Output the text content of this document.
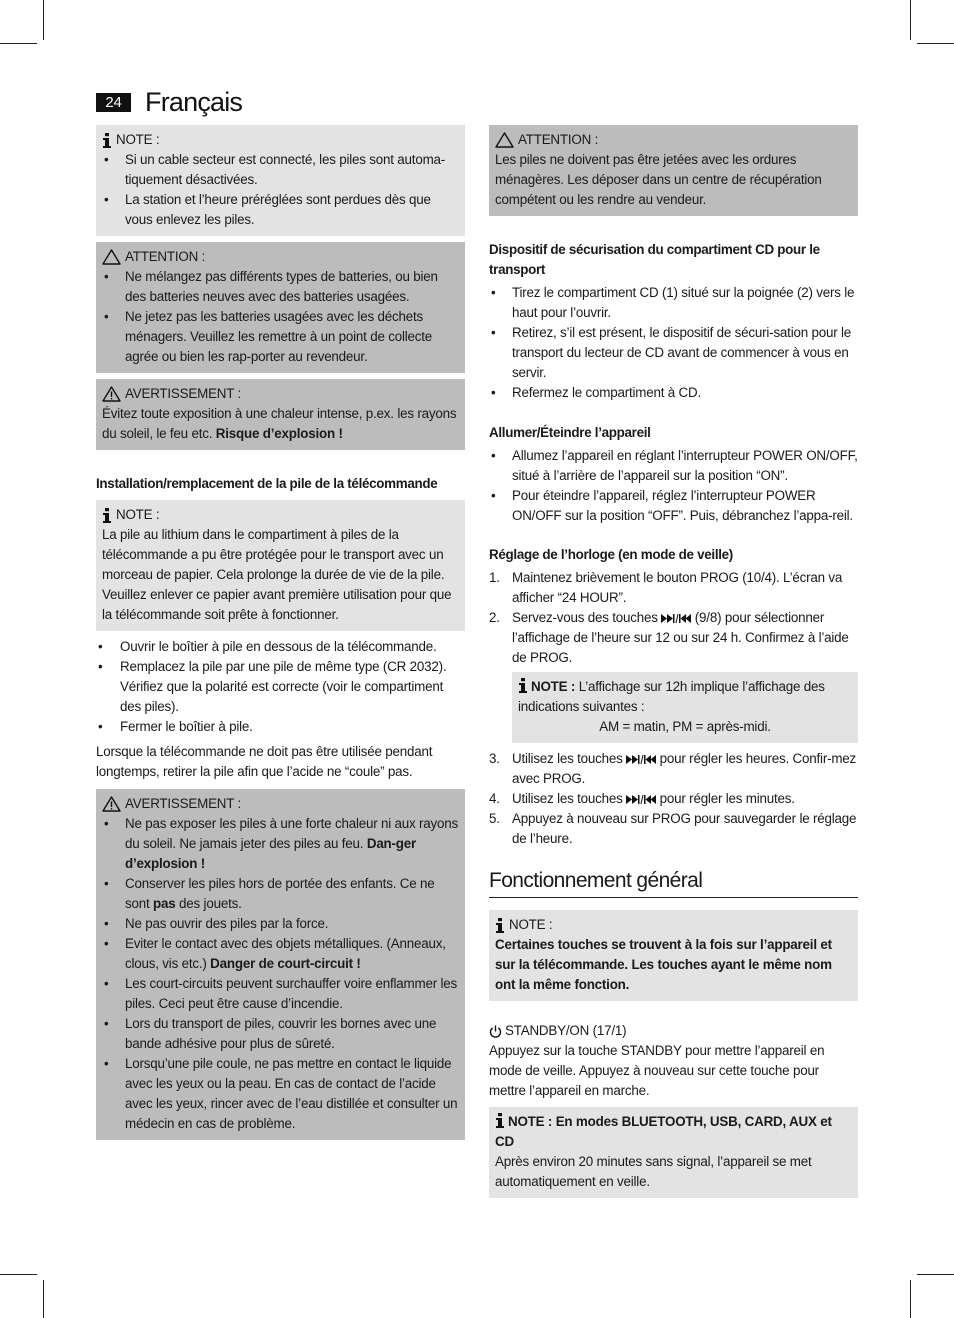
24 Français
NOTE :
• Si un cable secteur est connecté, les piles sont automa-tiquement désactivées.
• La station et l’heure préréglées sont perdues dès que vous enlevez les piles.
ATTENTION :
• Ne mélangez pas différents types de batteries, ou bien des batteries neuves avec des batteries usagées.
• Ne jetez pas les batteries usagées avec les déchets ménagers. Veuillez les remettre à un point de collecte agrée ou bien les rap-porter au revendeur.
AVERTISSEMENT :
Évitez toute exposition à une chaleur intense, p.ex. les rayons du soleil, le feu etc. Risque d’explosion !
Installation/remplacement de la pile de la télécommande
NOTE :
La pile au lithium dans le compartiment à piles de la télécommande a pu être protégée pour le transport avec un morceau de papier. Cela prolonge la durée de vie de la pile. Veuillez enlever ce papier avant première utilisation pour que la télécommande soit prête à fonctionner.
• Ouvrir le boîtier à pile en dessous de la télécommande.
• Remplacez la pile par une pile de même type (CR 2032). Vérifiez que la polarité est correcte (voir le compartiment des piles).
• Fermer le boîtier à pile.
Lorsque la télécommande ne doit pas être utilisée pendant longtemps, retirer la pile afin que l’acide ne “coule” pas.
AVERTISSEMENT :
• Ne pas exposer les piles à une forte chaleur ni aux rayons du soleil. Ne jamais jeter des piles au feu. Dan-ger d’explosion !
• Conserver les piles hors de portée des enfants. Ce ne sont pas des jouets.
• Ne pas ouvrir des piles par la force.
• Eviter le contact avec des objets métalliques. (Anneaux, clous, vis etc.) Danger de court-circuit !
• Les court-circuits peuvent surchauffer voire enflammer les piles. Ceci peut être cause d’incendie.
• Lors du transport de piles, couvrir les bornes avec une bande adhésive pour plus de sûreté.
• Lorsqu’une pile coule, ne pas mettre en contact le liquide avec les yeux ou la peau. En cas de contact de l’acide avec les yeux, rincer avec de l’eau distillée et consulter un médecin en cas de problème.
ATTENTION :
Les piles ne doivent pas être jetées avec les ordures ménagères. Les déposer dans un centre de récupération compétent ou les rendre au vendeur.
Dispositif de sécurisation du compartiment CD pour le transport
• Tirez le compartiment CD (1) situé sur la poignée (2) vers le haut pour l’ouvrir.
• Retirez, s’il est présent, le dispositif de sécuri-sation pour le transport du lecteur de CD avant de commencer à vous en servir.
• Refermez le compartiment à CD.
Allumer/Éteindre l’appareil
• Allumez l’appareil en réglant l’interrupteur POWER ON/OFF, situé à l’arrière de l’appareil sur la position “ON”.
• Pour éteindre l’appareil, réglez l’interrupteur POWER ON/OFF sur la position “OFF”. Puis, débranchez l’appa-reil.
Réglage de l’horloge (en mode de veille)
1. Maintenez brièvement le bouton PROG (10/4). L’écran va afficher “24 HOUR”.
2. Servez-vous des touches  (9/8) pour sélectionner l’affichage de l’heure sur 12 ou sur 24 h. Confirmez à l’aide de PROG.
NOTE : L’affichage sur 12h implique l’affichage des indications suivantes :
AM = matin, PM = après-midi.
3. Utilisez les touches  pour régler les heures. Confir-mez avec PROG.
4. Utilisez les touches  pour régler les minutes.
5. Appuyez à nouveau sur PROG pour sauvegarder le réglage de l’heure.
Fonctionnement général
NOTE :
Certaines touches se trouvent à la fois sur l’appareil et sur la télécommande. Les touches ayant le même nom ont la même fonction.
STANDBY/ON (17/1)
Appuyez sur la touche STANDBY pour mettre l’appareil en mode de veille. Appuyez à nouveau sur cette touche pour mettre l’appareil en marche.
NOTE : En modes BLUETOOTH, USB, CARD, AUX et CD
Après environ 20 minutes sans signal, l’appareil se met automatiquement en veille.
